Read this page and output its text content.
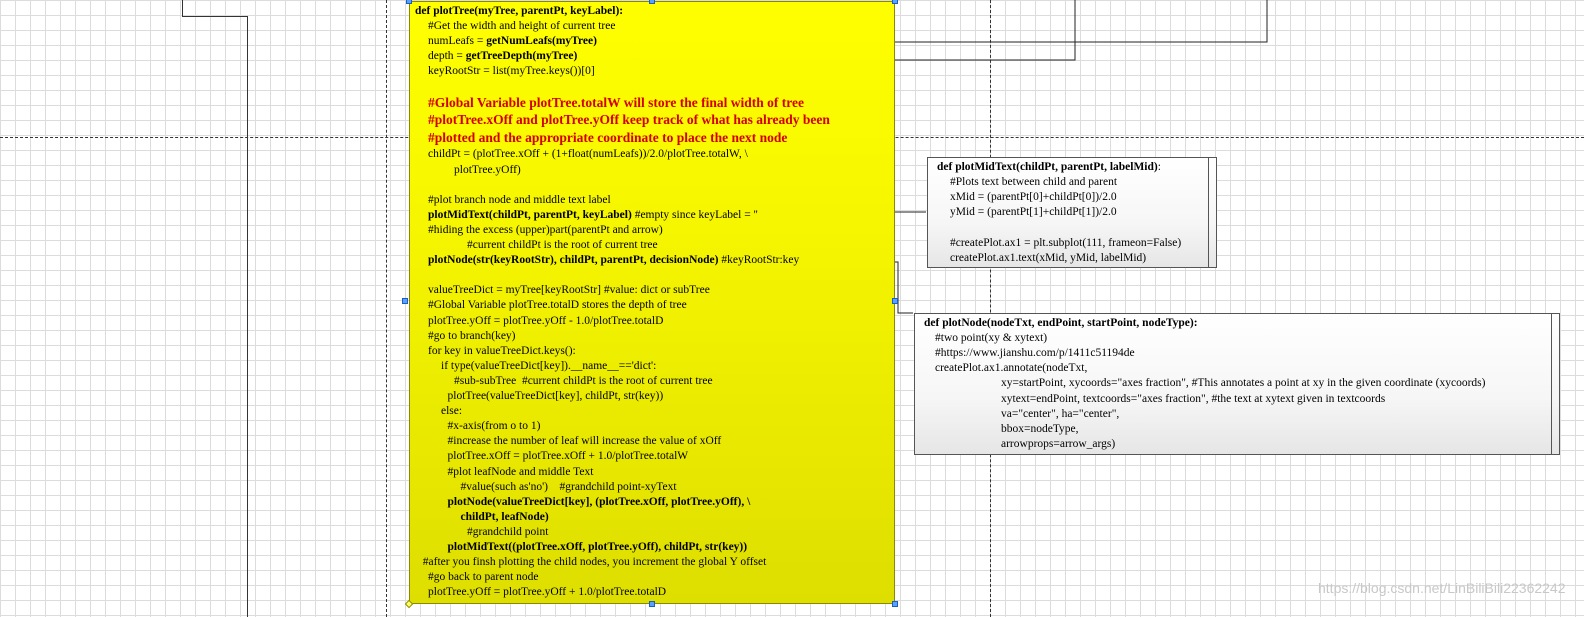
def plotTree(myTree, parentPt, keyLabel):
#Get the width and height of current tree
numLeafs = getNumLeafs(myTree)
depth = getTreeDepth(myTree)
keyRootStr = list(myTree.keys())[0]
#Global Variable plotTree.totalW will store the final width of tree
#plotTree.xOff and plotTree.yOff keep track of what has already been
#plotted and the appropriate coordinate to place the next node
childPt = (plotTree.xOff + (1+float(numLeafs))/2.0/plotTree.totalW, \
plotTree.yOff)
#plot branch node and middle text label
plotMidText(childPt, parentPt, keyLabel) #empty since keyLabel = ''
#hiding the excess (upper)part(parentPt and arrow)
#current childPt is the root of current tree
plotNode(str(keyRootStr), childPt, parentPt, decisionNode) #keyRootStr:key
valueTreeDict = myTree[keyRootStr] #value: dict or subTree
#Global Variable plotTree.totalD stores the depth of tree
plotTree.yOff = plotTree.yOff - 1.0/plotTree.totalD
#go to branch(key)
for key in valueTreeDict.keys():
if type(valueTreeDict[key]).__name__=='dict':
#sub-subTree  #current childPt is the root of current tree
plotTree(valueTreeDict[key], childPt, str(key))
else:
#x-axis(from o to 1)
#increase the number of leaf will increase the value of xOff
plotTree.xOff = plotTree.xOff + 1.0/plotTree.totalW
#plot leafNode and middle Text
#value(such as'no')    #grandchild point-xyText
plotNode(valueTreeDict[key], (plotTree.xOff, plotTree.yOff), \
childPt, leafNode)
#grandchild point
plotMidText((plotTree.xOff, plotTree.yOff), childPt, str(key))
#after you finsh plotting the child nodes, you increment the global Y offset
#go back to parent node
plotTree.yOff = plotTree.yOff + 1.0/plotTree.totalD
def plotMidText(childPt, parentPt, labelMid):
#Plots text between child and parent
xMid = (parentPt[0]+childPt[0])/2.0
yMid = (parentPt[1]+childPt[1])/2.0
#createPlot.ax1 = plt.subplot(111, frameon=False)
createPlot.ax1.text(xMid, yMid, labelMid)
def plotNode(nodeTxt, endPoint, startPoint, nodeType):
#two point(xy & xytext)
#https://www.jianshu.com/p/1411c51194de
createPlot.ax1.annotate(nodeTxt,
xy=startPoint, xycoords="axes fraction", #This annotates a point at xy in the given coordinate (xycoords)
xytext=endPoint, textcoords="axes fraction", #the text at xytext given in textcoords
va="center", ha="center",
bbox=nodeType,
arrowprops=arrow_args)
https://blog.csdn.net/LinBiliBili22362242
